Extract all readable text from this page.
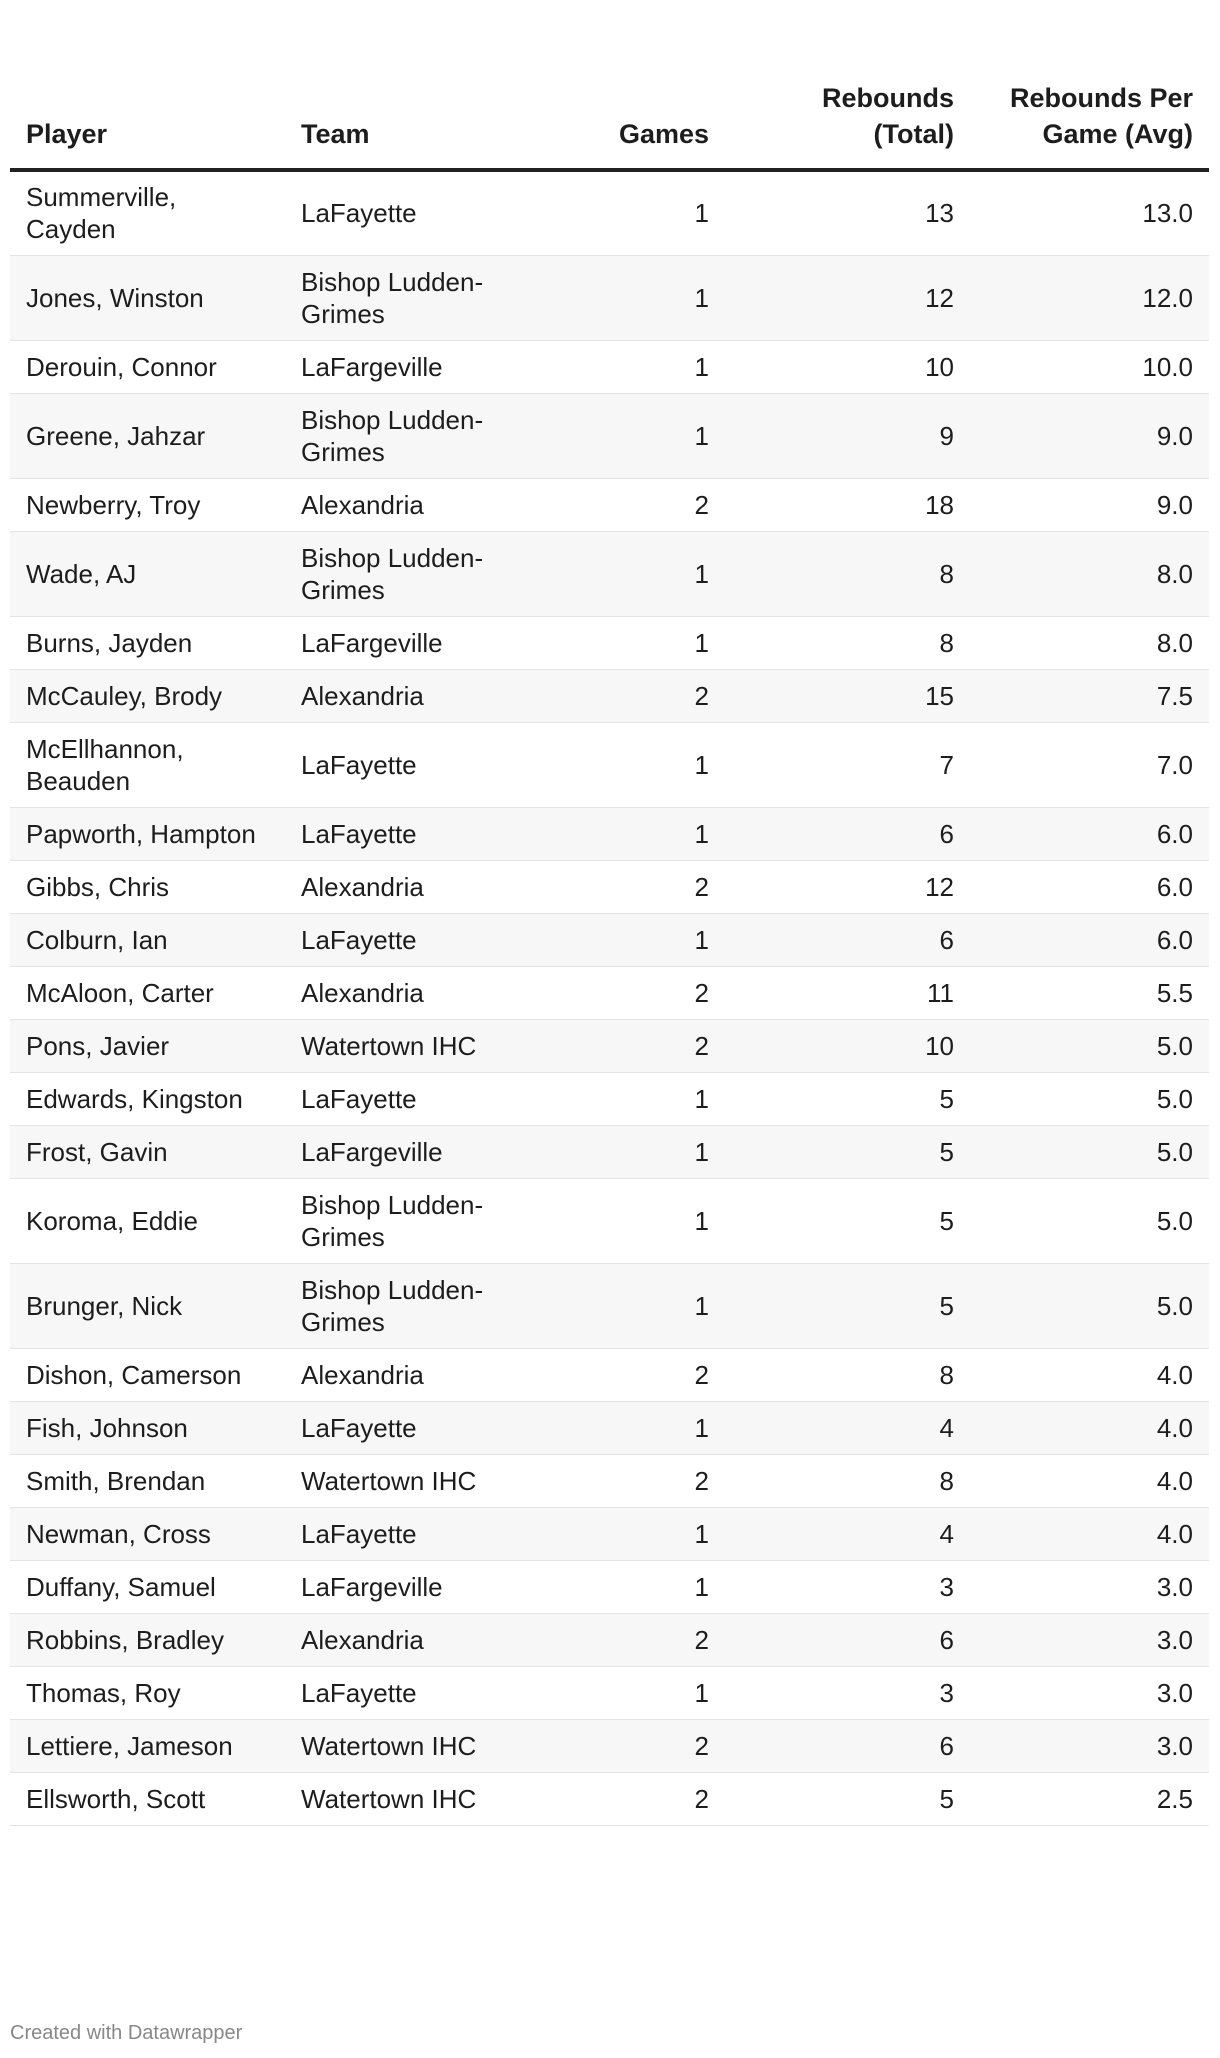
Player	Team	Games	Rebounds (Total)	Rebounds Per Game (Avg)
Summerville, Cayden	LaFayette	1	13	13.0
Jones, Winston	Bishop Ludden-Grimes	1	12	12.0
Derouin, Connor	LaFargeville	1	10	10.0
Greene, Jahzar	Bishop Ludden-Grimes	1	9	9.0
Newberry, Troy	Alexandria	2	18	9.0
Wade, AJ	Bishop Ludden-Grimes	1	8	8.0
Burns, Jayden	LaFargeville	1	8	8.0
McCauley, Brody	Alexandria	2	15	7.5
McEllhannon, Beauden	LaFayette	1	7	7.0
Papworth, Hampton	LaFayette	1	6	6.0
Gibbs, Chris	Alexandria	2	12	6.0
Colburn, Ian	LaFayette	1	6	6.0
McAloon, Carter	Alexandria	2	11	5.5
Pons, Javier	Watertown IHC	2	10	5.0
Edwards, Kingston	LaFayette	1	5	5.0
Frost, Gavin	LaFargeville	1	5	5.0
Koroma, Eddie	Bishop Ludden-Grimes	1	5	5.0
Brunger, Nick	Bishop Ludden-Grimes	1	5	5.0
Dishon, Camerson	Alexandria	2	8	4.0
Fish, Johnson	LaFayette	1	4	4.0
Smith, Brendan	Watertown IHC	2	8	4.0
Newman, Cross	LaFayette	1	4	4.0
Duffany, Samuel	LaFargeville	1	3	3.0
Robbins, Bradley	Alexandria	2	6	3.0
Thomas, Roy	LaFayette	1	3	3.0
Lettiere, Jameson	Watertown IHC	2	6	3.0
Ellsworth, Scott	Watertown IHC	2	5	2.5
Created with Datawrapper
